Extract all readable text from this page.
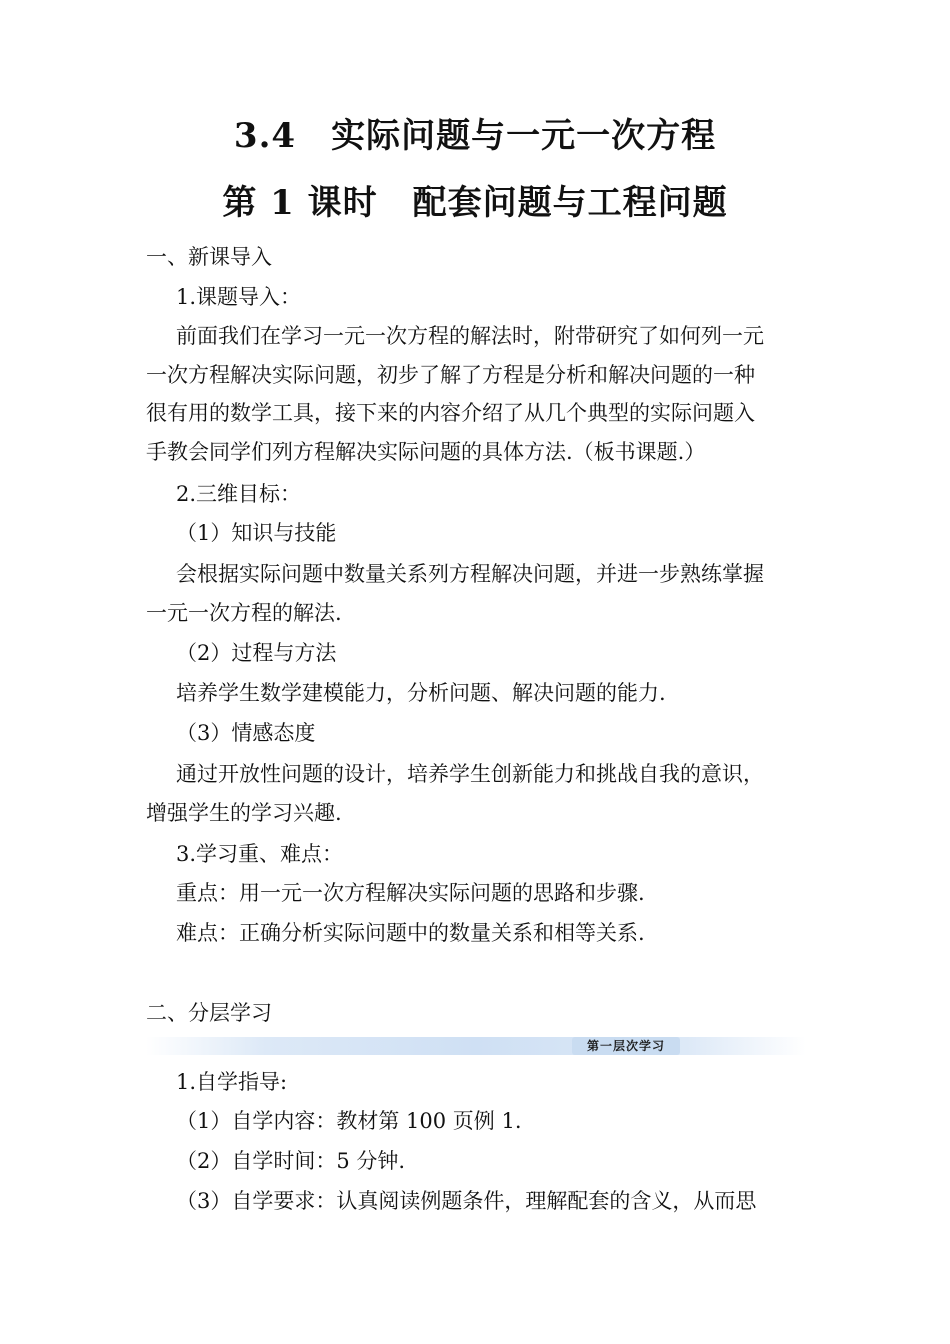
3.4　实际问题与一元一次方程
第 1 课时　配套问题与工程问题
一、新课导入
1.课题导入：
前面我们在学习一元一次方程的解法时，附带研究了如何列一元
一次方程解决实际问题，初步了解了方程是分析和解决问题的一种
很有用的数学工具，接下来的内容介绍了从几个典型的实际问题入
手教会同学们列方程解决实际问题的具体方法.（板书课题.）
2.三维目标：
（1）知识与技能
会根据实际问题中数量关系列方程解决问题，并进一步熟练掌握
一元一次方程的解法.
（2）过程与方法
培养学生数学建模能力，分析问题、解决问题的能力.
（3）情感态度
通过开放性问题的设计，培养学生创新能力和挑战自我的意识，
增强学生的学习兴趣.
3.学习重、难点：
重点：用一元一次方程解决实际问题的思路和步骤.
难点：正确分析实际问题中的数量关系和相等关系.
二、分层学习
第一层次学习
1.自学指导:
（1）自学内容：教材第 100 页例 1.
（2）自学时间：5 分钟.
（3）自学要求：认真阅读例题条件，理解配套的含义，从而思
